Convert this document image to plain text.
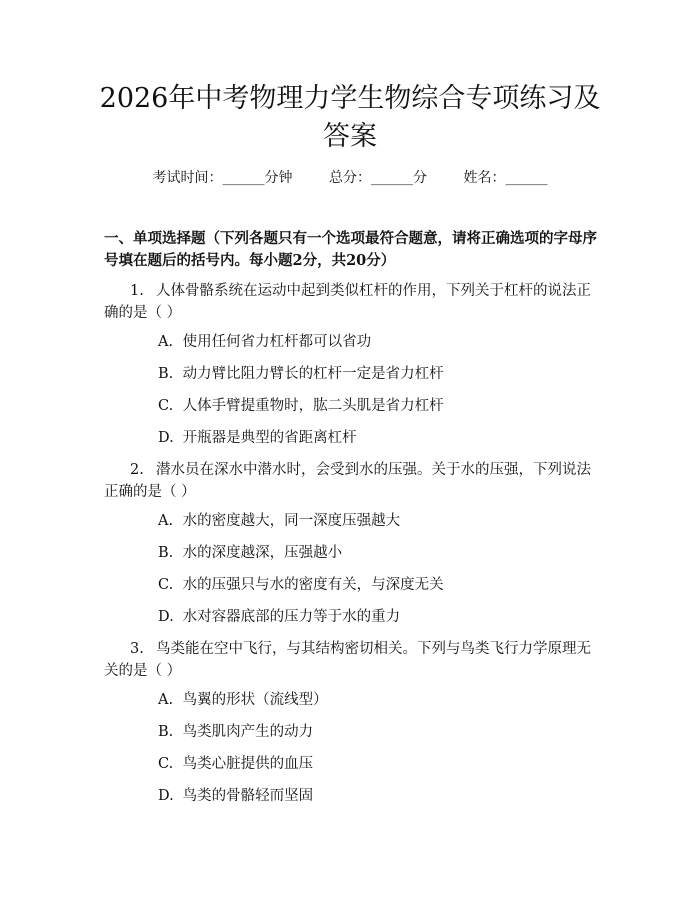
2026年中考物理力学生物综合专项练习及答案
考试时间：______分钟	总分：______分	姓名：______

一、单项选择题（下列各题只有一个选项最符合题意，请将正确选项的字母序号填在题后的括号内。每小题2分，共20分）

1. 人体骨骼系统在运动中起到类似杠杆的作用，下列关于杠杆的说法正确的是（ ）

A. 使用任何省力杠杆都可以省功

B. 动力臂比阻力臂长的杠杆一定是省力杠杆

C. 人体手臂提重物时，肱二头肌是省力杠杆

D. 开瓶器是典型的省距离杠杆

2. 潜水员在深水中潜水时，会受到水的压强。关于水的压强，下列说法正确的是（ ）

A. 水的密度越大，同一深度压强越大

B. 水的深度越深，压强越小

C. 水的压强只与水的密度有关，与深度无关

D. 水对容器底部的压力等于水的重力

3. 鸟类能在空中飞行，与其结构密切相关。下列与鸟类飞行力学原理无关的是（ ）

A. 鸟翼的形状（流线型）

B. 鸟类肌肉产生的动力

C. 鸟类心脏提供的血压

D. 鸟类的骨骼轻而坚固
